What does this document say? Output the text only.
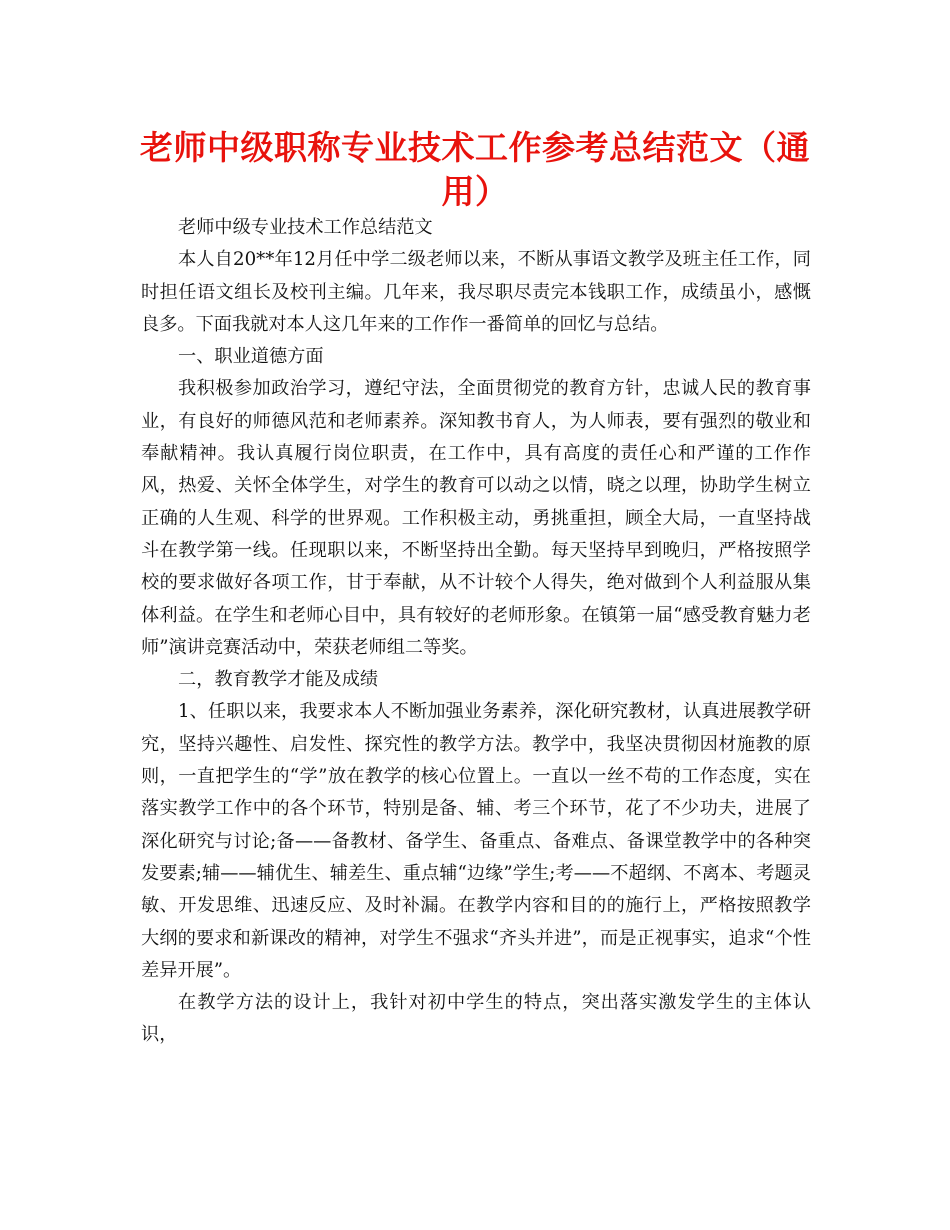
老师中级职称专业技术工作参考总结范文（通用）

老师中级专业技术工作总结范文

本人自20**年12月任中学二级老师以来，不断从事语文教学及班主任工作，同时担任语文组长及校刊主编。几年来，我尽职尽责完本钱职工作，成绩虽小，感慨良多。下面我就对本人这几年来的工作作一番简单的回忆与总结。

一、职业道德方面

我积极参加政治学习，遵纪守法，全面贯彻党的教育方针，忠诚人民的教育事业，有良好的师德风范和老师素养。深知教书育人，为人师表，要有强烈的敬业和奉献精神。我认真履行岗位职责，在工作中，具有高度的责任心和严谨的工作作风，热爱、关怀全体学生，对学生的教育可以动之以情，晓之以理，协助学生树立正确的人生观、科学的世界观。工作积极主动，勇挑重担，顾全大局，一直坚持战斗在教学第一线。任现职以来，不断坚持出全勤。每天坚持早到晚归，严格按照学校的要求做好各项工作，甘于奉献，从不计较个人得失，绝对做到个人利益服从集体利益。在学生和老师心目中，具有较好的老师形象。在镇第一届“感受教育魅力老师”演讲竞赛活动中，荣获老师组二等奖。

二，教育教学才能及成绩

1、任职以来，我要求本人不断加强业务素养，深化研究教材，认真进展教学研究，坚持兴趣性、启发性、探究性的教学方法。教学中，我坚决贯彻因材施教的原则，一直把学生的“学”放在教学的核心位置上。一直以一丝不苟的工作态度，实在落实教学工作中的各个环节，特别是备、辅、考三个环节，花了不少功夫，进展了深化研究与讨论;备——备教材、备学生、备重点、备难点、备课堂教学中的各种突发要素;辅——辅优生、辅差生、重点辅“边缘”学生;考——不超纲、不离本、考题灵敏、开发思维、迅速反应、及时补漏。在教学内容和目的的施行上，严格按照教学大纲的要求和新课改的精神，对学生不强求“齐头并进”，而是正视事实，追求“个性差异开展”。

在教学方法的设计上，我针对初中学生的特点，突出落实激发学生的主体认识，
